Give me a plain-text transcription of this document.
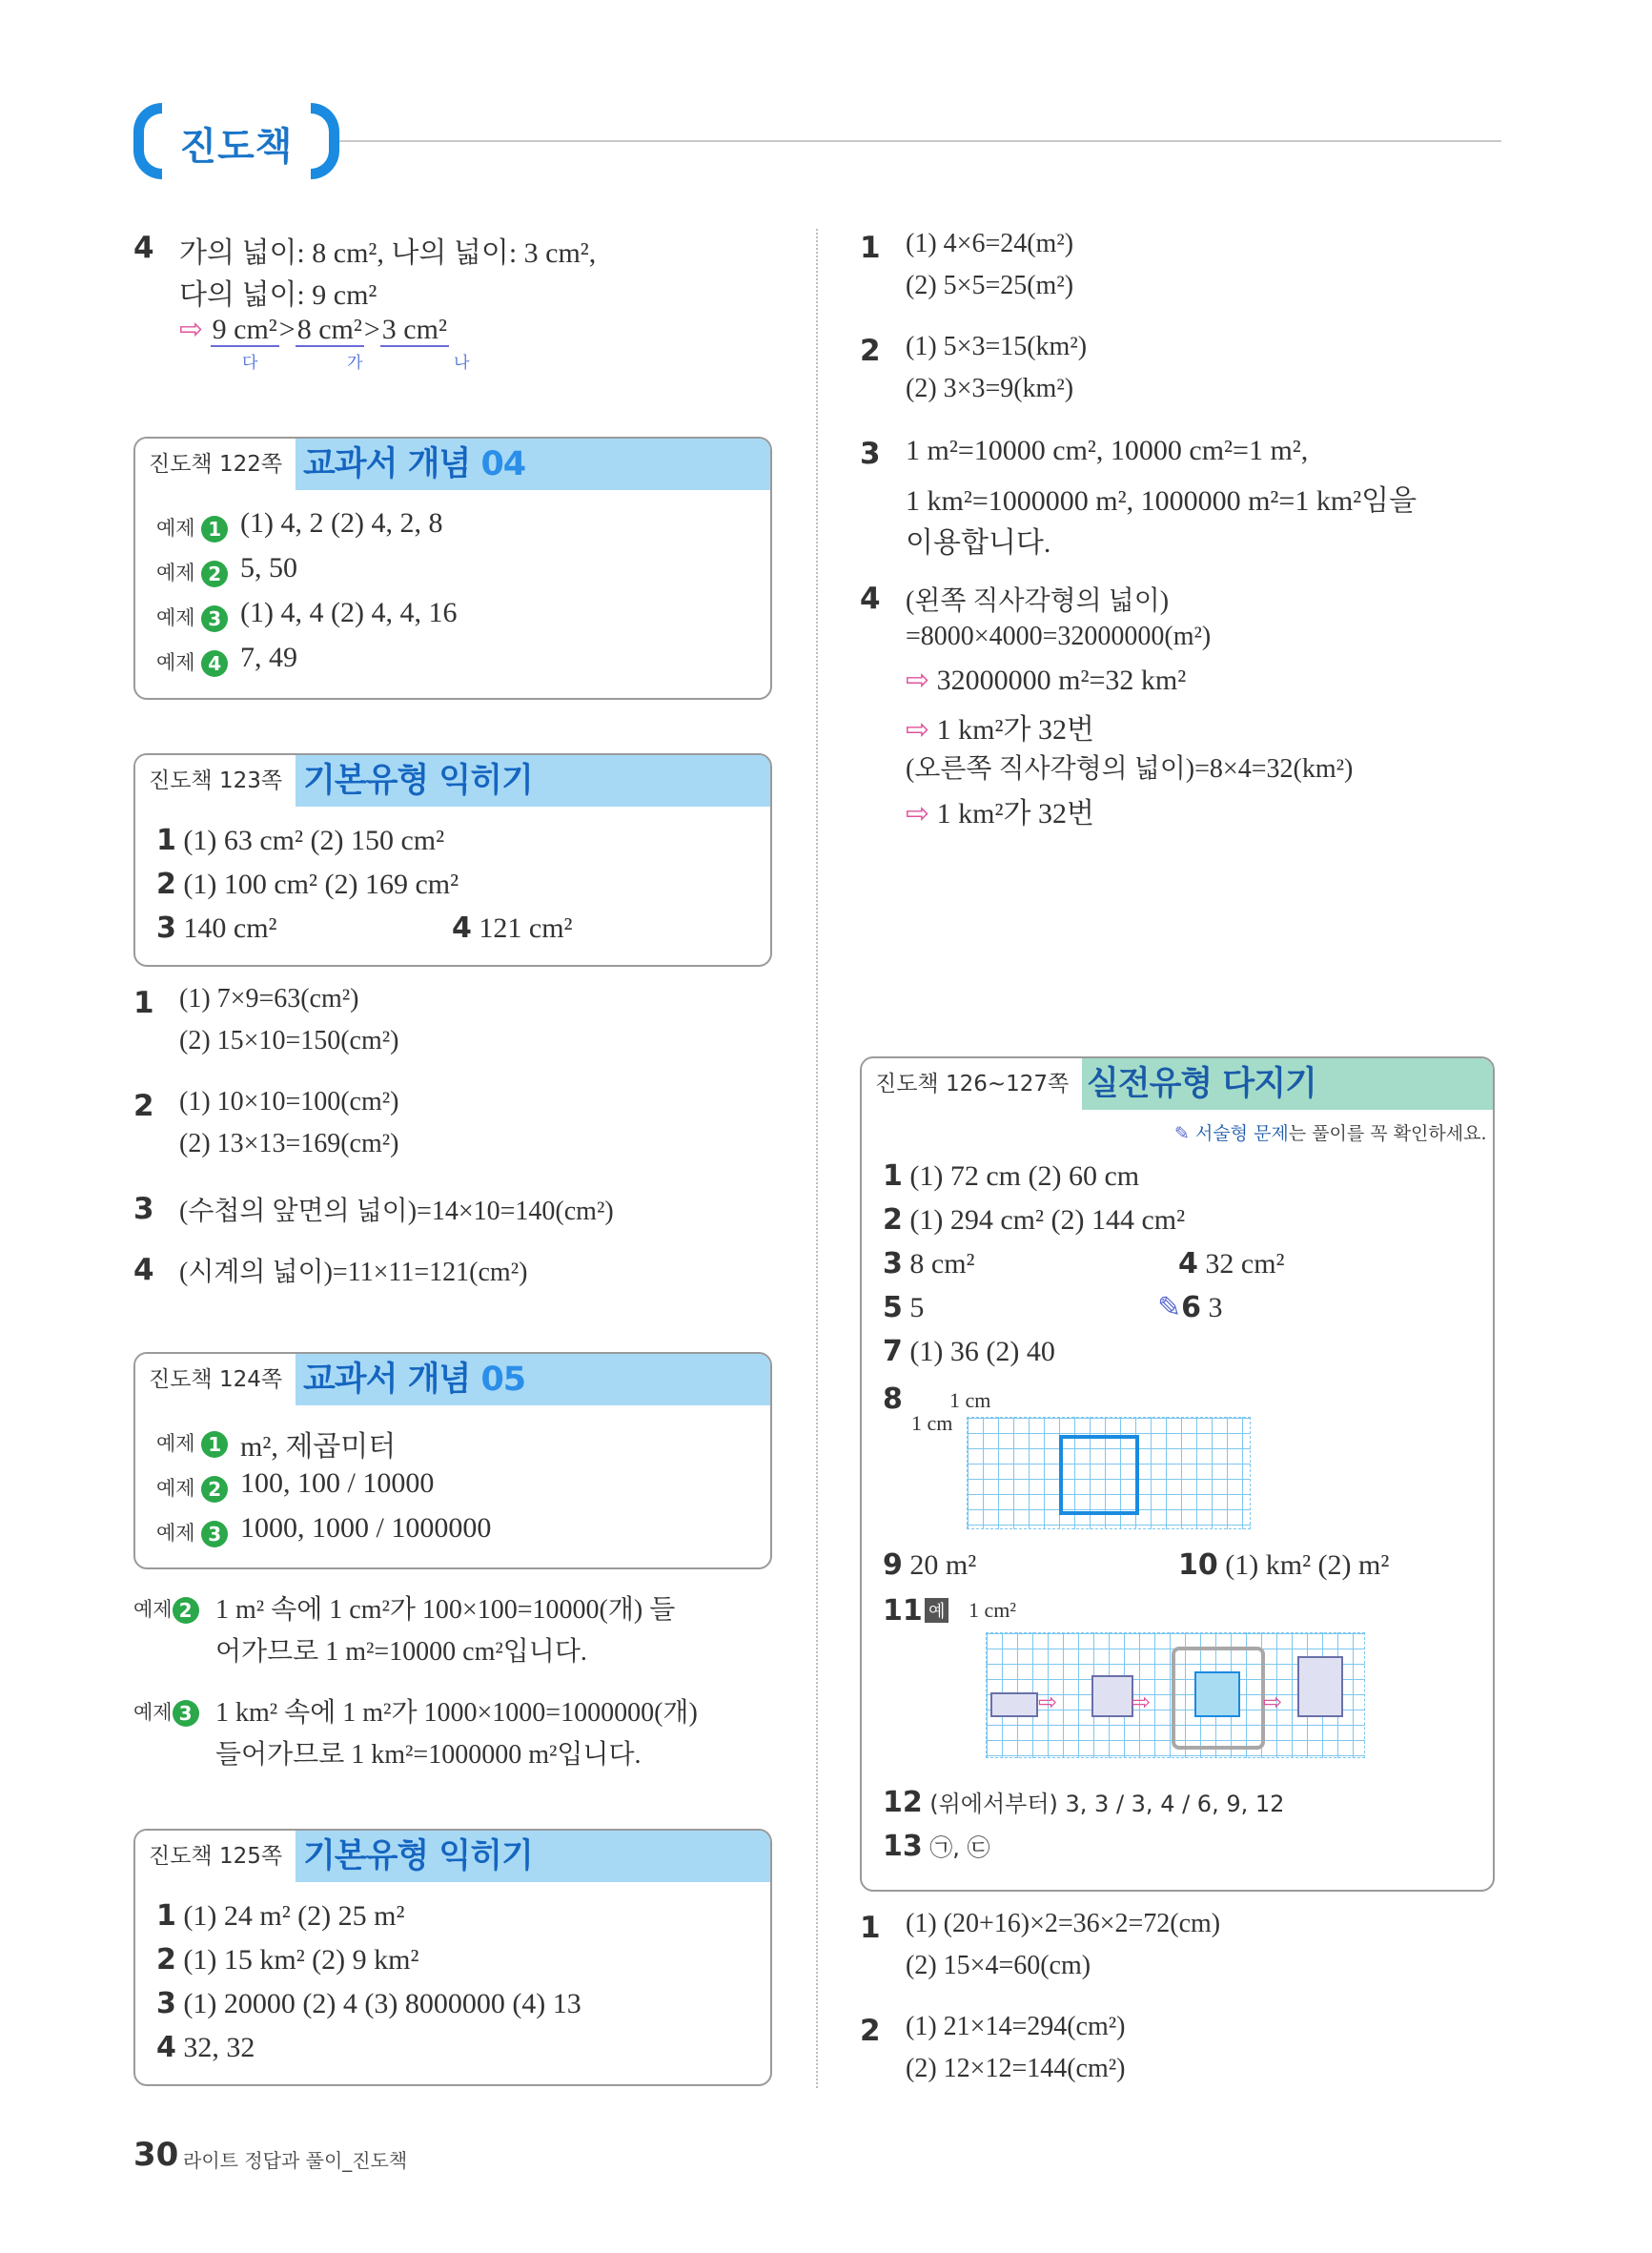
진도책
4 가의 넓이: 8 cm², 나의 넓이: 3 cm²,
다의 넓이: 9 cm²
⇨ 9 cm²>8 cm²>3 cm²
다	가	나
진도책 122쪽 교과서 개념 04
예제 1 (1) 4, 2 (2) 4, 2, 8
예제 2 5, 50
예제 3 (1) 4, 4 (2) 4, 4, 16
예제 4 7, 49
진도책 123쪽 기본유형 익히기
1 (1) 63 cm² (2) 150 cm²
2 (1) 100 cm² (2) 169 cm²
3 140 cm²	4 121 cm²
1 (1) 7×9=63(cm²)
(2) 15×10=150(cm²)
2 (1) 10×10=100(cm²)
(2) 13×13=169(cm²)
3 (수첩의 앞면의 넓이)=14×10=140(cm²)
4 (시계의 넓이)=11×11=121(cm²)
진도책 124쪽 교과서 개념 05
예제 1 m², 제곱미터
예제 2 100, 100 / 10000
예제 3 1000, 1000 / 1000000
예제 2 1 m² 속에 1 cm²가 100×100=10000(개) 들
어가므로 1 m²=10000 cm²입니다.
예제 3 1 km² 속에 1 m²가 1000×1000=1000000(개)
들어가므로 1 km²=1000000 m²입니다.
진도책 125쪽 기본유형 익히기
1 (1) 24 m² (2) 25 m²
2 (1) 15 km² (2) 9 km²
3 (1) 20000 (2) 4 (3) 8000000 (4) 13
4 32, 32
1 (1) 4×6=24(m²)
(2) 5×5=25(m²)
2 (1) 5×3=15(km²)
(2) 3×3=9(km²)
3 1 m²=10000 cm², 10000 cm²=1 m²,
1 km²=1000000 m², 1000000 m²=1 km²임을
이용합니다.
4 (왼쪽 직사각형의 넓이)
=8000×4000=32000000(m²)
⇨ 32000000 m²=32 km²
⇨ 1 km²가 32번
(오른쪽 직사각형의 넓이)=8×4=32(km²)
⇨ 1 km²가 32번
진도책 126~127쪽 실전유형 다지기
✎ 서술형 문제는 풀이를 꼭 확인하세요.
1 (1) 72 cm (2) 60 cm
2 (1) 294 cm² (2) 144 cm²
3 8 cm²	4 32 cm²
5 5	✎6 3
7 (1) 36 (2) 40
8 1 cm
1 cm
9 20 m²	10 (1) km² (2) m²
11 예 1 cm²
⇨	⇨	⇨
12 (위에서부터) 3, 3 / 3, 4 / 6, 9, 12
13 ㉠, ㉢
1 (1) (20+16)×2=36×2=72(cm)
(2) 15×4=60(cm)
2 (1) 21×14=294(cm²)
(2) 12×12=144(cm²)
30 라이트 정답과 풀이_진도책
